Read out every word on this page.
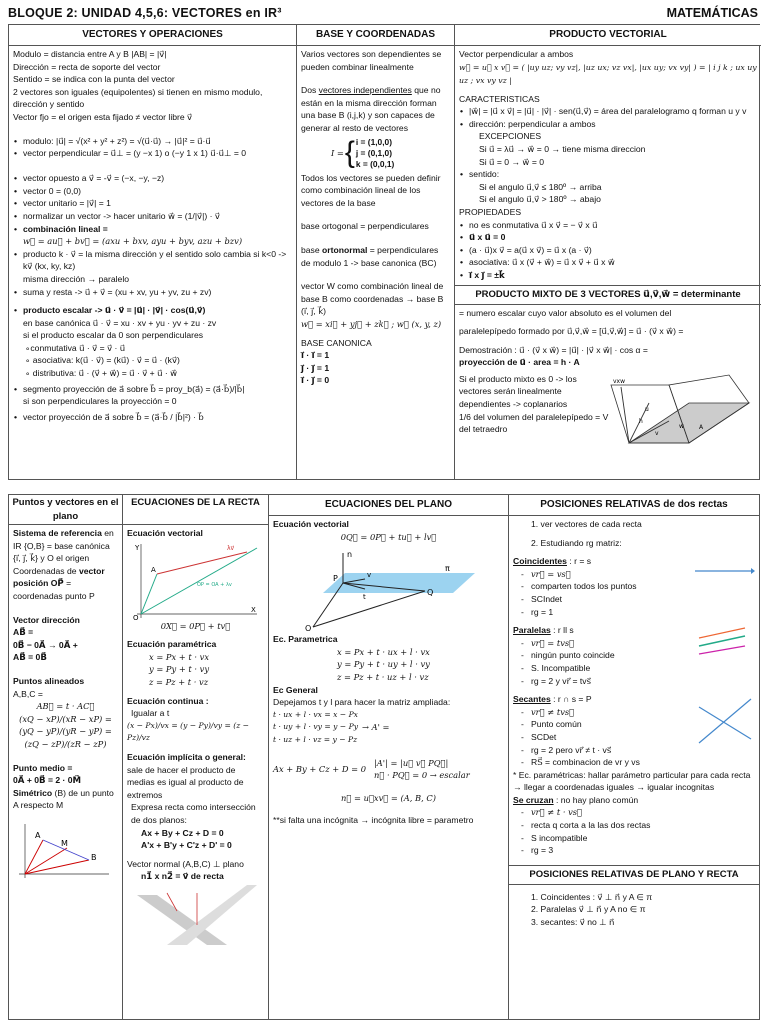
BLOQUE 2: UNIDAD 4,5,6: VECTORES en IR³	MATEMÁTICAS
VECTORES Y OPERACIONES

Modulo = distancia entre A y B |AB| = |v⃗|

Dirección = recta de soporte del vector

Sentido = se indica con la punta del vector

2 vectores son iguales (equipolentes) si tienen en mismo modulo, dirección y sentido

Vector fjo = el origen esta fijado ≠ vector libre v⃗

• modulo: |u⃗| = √(x² + y² + z²) = √(u⃗·u⃗) → |u⃗|² = u⃗·u⃗

• vector perpendicular = u⃗⊥ = (y −x 1) o (−y 1 x 1) u⃗·u⃗⊥ = 0

• vector opuesto a v⃗ = -v⃗ = (−x, −y, −z)

• vector 0 = (0,0)

• vector unitario = |v⃗| = 1

• normalizar un vector -> hacer unitario w⃗ = (1/|v⃗|) · v⃗

• combinación lineal =

w⃗ = au⃗ + bv⃗ = (axu + bxv, ayu + byv, azu + bzv)

• producto k · v⃗ = la misma dirección y el sentido solo cambia si k<0 -> kv⃗ (kx, ky, kz)

misma dirección → paralelo

• suma y resta -> u⃗ + v⃗ = (xu + xv, yu + yv, zu + zv)

• producto escalar -> u⃗ · v⃗ = |u⃗| · |v⃗| · cos(u⃗,v⃗)

en base canónica u⃗ · v⃗ = xu · xv + yu · yv + zu · zv

si el producto escalar da 0 son perpendiculares

∘conmutativa u⃗ · v⃗ = v⃗ · u⃗

∘ asociativa: k(u⃗ · v⃗) = (ku⃗) · v⃗ = u⃗ · (kv⃗)

∘ distributiva: u⃗ · (v⃗ + w⃗) = u⃗ · v⃗ + u⃗ · w⃗

• segmento proyección de a⃗ sobre b⃗ = proy_b(a⃗) = (a⃗·b⃗)/|b⃗|

si son perpendiculares la proyección = 0

• vector proyección de a⃗ sobre b⃗ = (a⃗·b⃗ / |b⃗|²) · b⃗

BASE Y COORDENADAS

Varios vectores son dependientes se pueden combinar linealmente

Dos vectores independientes que no están en la misma dirección forman una base B (i,j,k) y son capaces de generar al resto de vectores

I = { i = (1,0,0)

j = (0,1,0)

k = (0,0,1)

Todos los vectores se pueden definir como combinación lineal de los vectores de la base

base ortogonal = perpendiculares

base ortonormal = perpendiculares de modulo 1 -> base canonica (BC)

vector W como combinación lineal de base B como coordenadas → base B (i⃗, j⃗, k⃗)

w⃗ = xi⃗ + yj⃗ + zk⃗ ; w⃗ (x, y, z)

BASE CANONICA

i⃗ · i⃗ = 1

j⃗ · j⃗ = 1

i⃗ · j⃗ = 0

PRODUCTO VECTORIAL

Vector perpendicular a ambos

w⃗ = u⃗ x v⃗ = ( |uy uz; vy vz|, |uz ux; vz vx|, |ux uy; vx vy| ) = | i j k ; ux uy uz ; vx vy vz |

CARACTERISTICAS

• |w⃗| = |u⃗ x v⃗| = |u⃗| · |v⃗| · sen(u⃗,v⃗) = área del paralelogramo q forman u y v

• dirección: perpendicular a ambos

EXCEPCIONES

Si u⃗ = λu⃗ → w⃗ = 0 → tiene misma direccion

Si u⃗ = 0 → w⃗ = 0

• sentido:

Si el angulo u⃗,v⃗ ≤ 180º → arriba

Si el angulo u⃗,v⃗ > 180º → abajo

PROPIEDADES

• no es conmutativa u⃗ x v⃗ = − v⃗ x u⃗

• u⃗ x u⃗ = 0

• (a · u⃗)x v⃗ = a(u⃗ x v⃗) = u⃗ x (a · v⃗)

• asociativa: u⃗ x (v⃗ + w⃗) = u⃗ x v⃗ + u⃗ x w⃗

• i⃗ x j⃗ = ±k⃗

PRODUCTO MIXTO DE 3 VECTORES u⃗,v⃗,w⃗ = determinante

= numero escalar cuyo valor absoluto es el volumen del

paralelepípedo formado por u⃗,v⃗,w⃗ = [u⃗,v⃗,w⃗] = u⃗ · (v⃗ x w⃗) =

Demostración : u⃗ · (v⃗ x w⃗) = |u⃗| · |v⃗ x w⃗| · cos α =

proyección de u⃗ · area = h · A

Si el producto mixto es 0 -> los vectores serán linealmente dependientes -> coplanarios

1/6 del volumen del paralelepípedo = V del tetraedro

vxw
u
v
w	A
h
Puntos y vectores en el plano

Sistema de referencia en IR {O,B} = base canónica {i⃗, j⃗, k⃗} y O el origen

Coordenadas de vector posición OP⃗ = coordenadas punto P

Vector dirección

AB⃗ =

0B⃗ − 0A⃗ → 0A⃗ +

AB⃗ = 0B⃗

Puntos alineados

A,B,C =

AB⃗ = t · AC⃗

(xQ − xP)/(xR − xP) =

(yQ − yP)/(yR − yP) =

(zQ − zP)/(zR − zP)

Punto medio =

0A⃗ + 0B⃗ = 2 · 0M⃗

Simétrico (B) de un punto A respecto M

A
M
B
ECUACIONES DE LA RECTA

Ecuación vectorial

Y
X
O
A
λv⃗
OP = OA + λv

0X⃗ = 0P⃗ + tv⃗

Ecuación paramétrica

x = Px + t · vx

y = Py + t · vy

z = Pz + t · vz

Ecuación continua :

Igualar a t

(x − Px)/vx = (y − Py)/vy = (z − Pz)/vz

Ecuación implícita o general: sale de hacer el producto de medias es igual al producto de extremos

Expresa recta como intersección de dos planos:

Ax + By + Cz + D = 0

A'x + B'y + C'z + D' = 0

Vector normal (A,B,C) ⊥ plano

n1⃗ x n2⃗ = v⃗ de recta

ECUACIONES DEL PLANO

Ecuación vectorial

0Q⃗ = 0P⃗ + tu⃗ + lv⃗

n
P
Q
O
π
t
v

Ec. Parametrica

x = Px + t · ux + l · vx

y = Py + t · uy + l · vy

z = Pz + t · uz + l · vz

Ec General

Depejamos t y l para hacer la matriz ampliada:

t · ux + l · vx = x − Px

t · uy + l · vy = y − Py

t · uz + l · vz = y − Pz

→ A' =
Ax + By + Cz + D = 0

|A'| = |u⃗ v⃗ PQ⃗|

n⃗ · PQ⃗ = 0 → escalar

n⃗ = u⃗xv⃗ = (A, B, C)

**si falta una incógnita → incógnita libre = parametro

POSICIONES RELATIVAS de dos rectas

1. ver vectores de cada recta

2. Estudiando rg matriz:

Coincidentes : r = s

- vr⃗ = vs⃗

- comparten todos los puntos

- SCIndet

- rg = 1

Paralelas : r ll s

- vr⃗ = tvs⃗

- ningún punto coincide

- S. Incompatible

- rg = 2 y vr⃗ = tvs⃗

Secantes : r ∩ s = P

- vr⃗ ≠ tvs⃗

- Punto común

- SCDet

- rg = 2 pero vr⃗ ≠ t · vs⃗

- RS⃗ = combinacion de vr y vs

* Ec. paramétricas: hallar parámetro particular para cada recta → llegar a coordenadas iguales → igualar incognitas

Se cruzan : no hay plano común

- vr⃗ ≠ t · vs⃗

- recta q corta a la las dos rectas

- S incompatible

- rg = 3

POSICIONES RELATIVAS DE PLANO Y RECTA

1. Coincidentes : v⃗ ⊥ n⃗ y A ∈ π

2. Paralelas v⃗ ⊥ n⃗ y A no ∈ π

3. secantes: v⃗ no ⊥ n⃗
